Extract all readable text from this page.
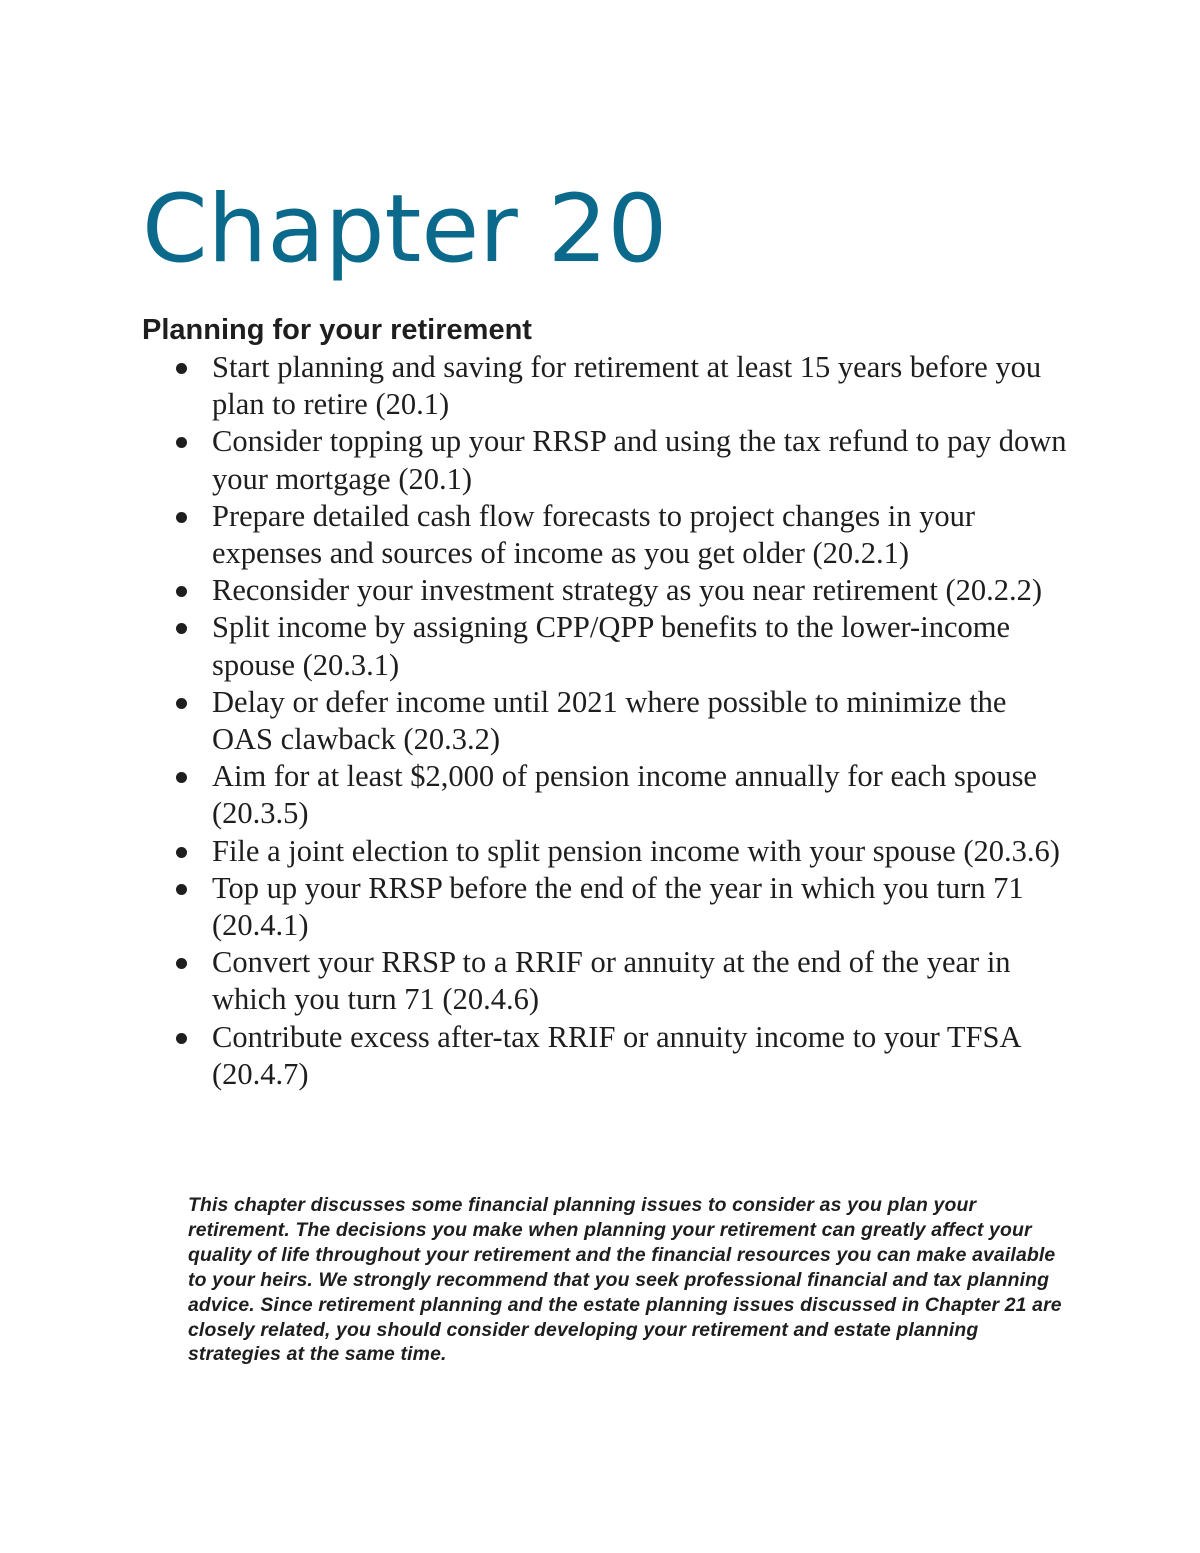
Chapter 20
Planning for your retirement
Start planning and saving for retirement at least 15 years before you plan to retire (20.1)
Consider topping up your RRSP and using the tax refund to pay down your mortgage (20.1)
Prepare detailed cash flow forecasts to project changes in your expenses and sources of income as you get older (20.2.1)
Reconsider your investment strategy as you near retirement (20.2.2)
Split income by assigning CPP/QPP benefits to the lower-income spouse (20.3.1)
Delay or defer income until 2021 where possible to minimize the OAS clawback (20.3.2)
Aim for at least $2,000 of pension income annually for each spouse (20.3.5)
File a joint election to split pension income with your spouse (20.3.6)
Top up your RRSP before the end of the year in which you turn 71 (20.4.1)
Convert your RRSP to a RRIF or annuity at the end of the year in which you turn 71 (20.4.6)
Contribute excess after-tax RRIF or annuity income to your TFSA (20.4.7)

This chapter discusses some financial planning issues to consider as you plan your retirement. The decisions you make when planning your retirement can greatly affect your quality of life throughout your retirement and the financial resources you can make available to your heirs. We strongly recommend that you seek professional financial and tax planning advice. Since retirement planning and the estate planning issues discussed in Chapter 21 are closely related, you should consider developing your retirement and estate planning strategies at the same time.
